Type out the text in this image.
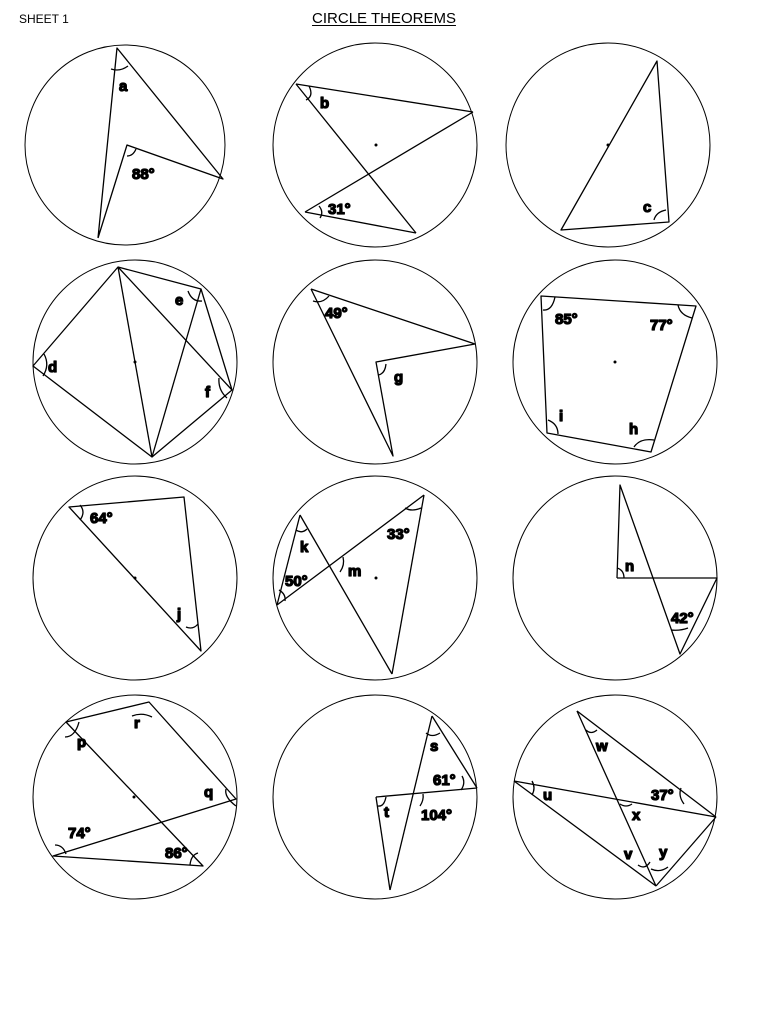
SHEET 1	CIRCLE THEOREMS
a
88°
b
31°	c
d
e
f
49°
g
85°	77°
h
i
64°
j
k
50°
m
33°
n
42°
p
r
q
74°
86°
s
61°
t 104°
w
u	37°
x
v y
